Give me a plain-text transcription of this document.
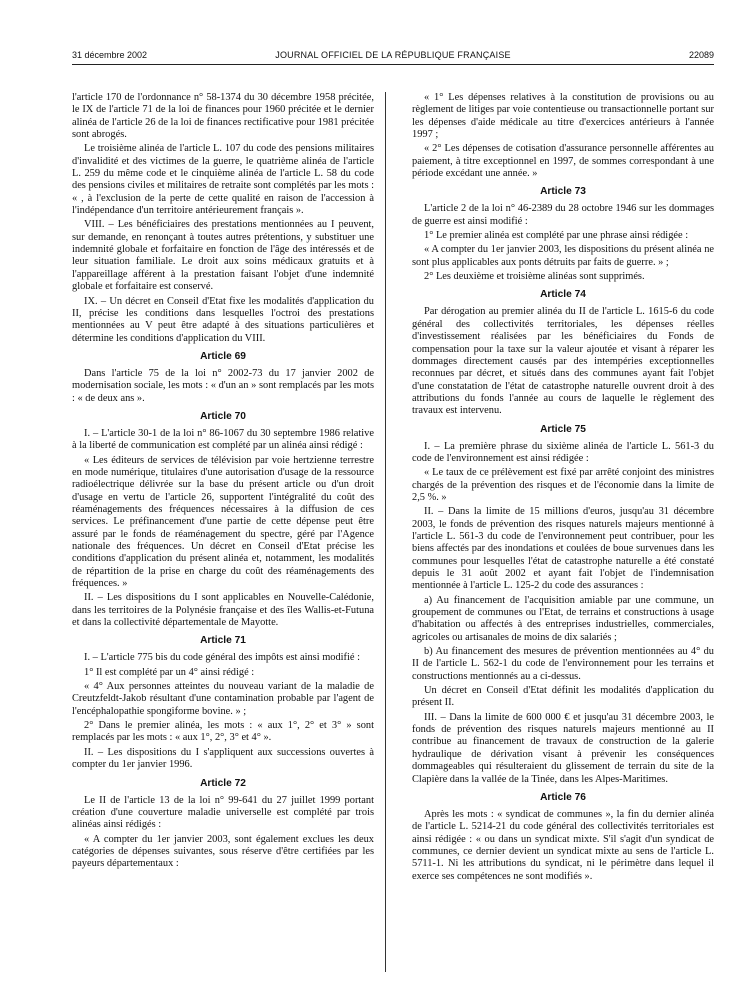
31 décembre 2002	JOURNAL OFFICIEL DE LA RÉPUBLIQUE FRANÇAISE	22089

l'article 170 de l'ordonnance n° 58-1374 du 30 décembre 1958 précitée, le IX de l'article 71 de la loi de finances pour 1960 précitée et le dernier alinéa de l'article 26 de la loi de finances rectificative pour 1981 précitée sont abrogés.

Le troisième alinéa de l'article L. 107 du code des pensions militaires d'invalidité et des victimes de la guerre, le quatrième alinéa de l'article L. 259 du même code et le cinquième alinéa de l'article L. 58 du code des pensions civiles et militaires de retraite sont complétés par les mots : « , à l'exclusion de la perte de cette qualité en raison de l'accession à l'indépendance d'un territoire antérieurement français ».

VIII. – Les bénéficiaires des prestations mentionnées au I peuvent, sur demande, en renonçant à toutes autres prétentions, y substituer une indemnité globale et forfaitaire en fonction de l'âge des intéressés et de leur situation familiale. Le droit aux soins médicaux gratuits et à l'appareillage afférent à la prestation faisant l'objet d'une indemnité globale et forfaitaire est conservé.

IX. – Un décret en Conseil d'Etat fixe les modalités d'application du II, précise les conditions dans lesquelles l'octroi des prestations mentionnées au V peut être adapté à des situations particulières et détermine les conditions d'application du VIII.

Article 69

Dans l'article 75 de la loi n° 2002-73 du 17 janvier 2002 de modernisation sociale, les mots : « d'un an » sont remplacés par les mots : « de deux ans ».

Article 70

I. – L'article 30-1 de la loi n° 86-1067 du 30 septembre 1986 relative à la liberté de communication est complété par un alinéa ainsi rédigé :

« Les éditeurs de services de télévision par voie hertzienne terrestre en mode numérique, titulaires d'une autorisation d'usage de la ressource radioélectrique délivrée sur la base du présent article ou d'un droit d'usage en vertu de l'article 26, supportent l'intégralité du coût des réaménagements des fréquences nécessaires à la diffusion de ces services. Le préfinancement d'une partie de cette dépense peut être assuré par le fonds de réaménagement du spectre, géré par l'Agence nationale des fréquences. Un décret en Conseil d'Etat précise les conditions d'application du présent alinéa et, notamment, les modalités de répartition de la prise en charge du coût des réaménagements des fréquences. »

II. – Les dispositions du I sont applicables en Nouvelle-Calédonie, dans les territoires de la Polynésie française et des îles Wallis-et-Futuna et dans la collectivité départementale de Mayotte.

Article 71

I. – L'article 775 bis du code général des impôts est ainsi modifié :

1° Il est complété par un 4° ainsi rédigé :

« 4° Aux personnes atteintes du nouveau variant de la maladie de Creutzfeldt-Jakob résultant d'une contamination probable par l'agent de l'encéphalopathie spongiforme bovine. » ;

2° Dans le premier alinéa, les mots : « aux 1°, 2° et 3° » sont remplacés par les mots : « aux 1°, 2°, 3° et 4° ».

II. – Les dispositions du I s'appliquent aux successions ouvertes à compter du 1er janvier 1996.

Article 72

Le II de l'article 13 de la loi n° 99-641 du 27 juillet 1999 portant création d'une couverture maladie universelle est complété par trois alinéas ainsi rédigés :

« A compter du 1er janvier 2003, sont également exclues les deux catégories de dépenses suivantes, sous réserve d'être certifiées par les payeurs départementaux :

« 1° Les dépenses relatives à la constitution de provisions ou au règlement de litiges par voie contentieuse ou transactionnelle portant sur les dépenses d'aide médicale au titre d'exercices antérieurs à l'année 1997 ;

« 2° Les dépenses de cotisation d'assurance personnelle afférentes au paiement, à titre exceptionnel en 1997, de sommes correspondant à une période excédant une année. »

Article 73

L'article 2 de la loi n° 46-2389 du 28 octobre 1946 sur les dommages de guerre est ainsi modifié :

1° Le premier alinéa est complété par une phrase ainsi rédigée :

« A compter du 1er janvier 2003, les dispositions du présent alinéa ne sont plus applicables aux ponts détruits par faits de guerre. » ;

2° Les deuxième et troisième alinéas sont supprimés.

Article 74

Par dérogation au premier alinéa du II de l'article L. 1615-6 du code général des collectivités territoriales, les dépenses réelles d'investissement réalisées par les bénéficiaires du Fonds de compensation pour la taxe sur la valeur ajoutée et visant à réparer les dommages directement causés par des intempéries exceptionnelles reconnues par décret, et situés dans des communes ayant fait l'objet d'une constatation de l'état de catastrophe naturelle ouvrent droit à des attributions du fonds l'année au cours de laquelle le règlement des travaux est intervenu.

Article 75

I. – La première phrase du sixième alinéa de l'article L. 561-3 du code de l'environnement est ainsi rédigée :

« Le taux de ce prélèvement est fixé par arrêté conjoint des ministres chargés de la prévention des risques et de l'économie dans la limite de 2,5 %. »

II. – Dans la limite de 15 millions d'euros, jusqu'au 31 décembre 2003, le fonds de prévention des risques naturels majeurs mentionné à l'article L. 561-3 du code de l'environnement peut contribuer, pour les biens affectés par des inondations et coulées de boue survenues dans les communes pour lesquelles l'état de catastrophe naturelle a été constaté depuis le 31 août 2002 et ayant fait l'objet de l'indemnisation mentionnée à l'article L. 125-2 du code des assurances :

a) Au financement de l'acquisition amiable par une commune, un groupement de communes ou l'Etat, de terrains et constructions à usage d'habitation ou affectés à des entreprises industrielles, commerciales, agricoles ou artisanales de moins de dix salariés ;

b) Au financement des mesures de prévention mentionnées au 4° du II de l'article L. 562-1 du code de l'environnement pour les terrains et constructions mentionnés au a ci-dessus.

Un décret en Conseil d'Etat définit les modalités d'application du présent II.

III. – Dans la limite de 600 000 € et jusqu'au 31 décembre 2003, le fonds de prévention des risques naturels majeurs mentionné au II contribue au financement de travaux de construction de la galerie hydraulique de dérivation visant à prévenir les conséquences dommageables qui résulteraient du glissement de terrain du site de la Clapière dans la vallée de la Tinée, dans les Alpes-Maritimes.

Article 76

Après les mots : « syndicat de communes », la fin du dernier alinéa de l'article L. 5214-21 du code général des collectivités territoriales est ainsi rédigée : « ou dans un syndicat mixte. S'il s'agit d'un syndicat de communes, ce dernier devient un syndicat mixte au sens de l'article L. 5711-1. Ni les attributions du syndicat, ni le périmètre dans lequel il exerce ses compétences ne sont modifiés ».
